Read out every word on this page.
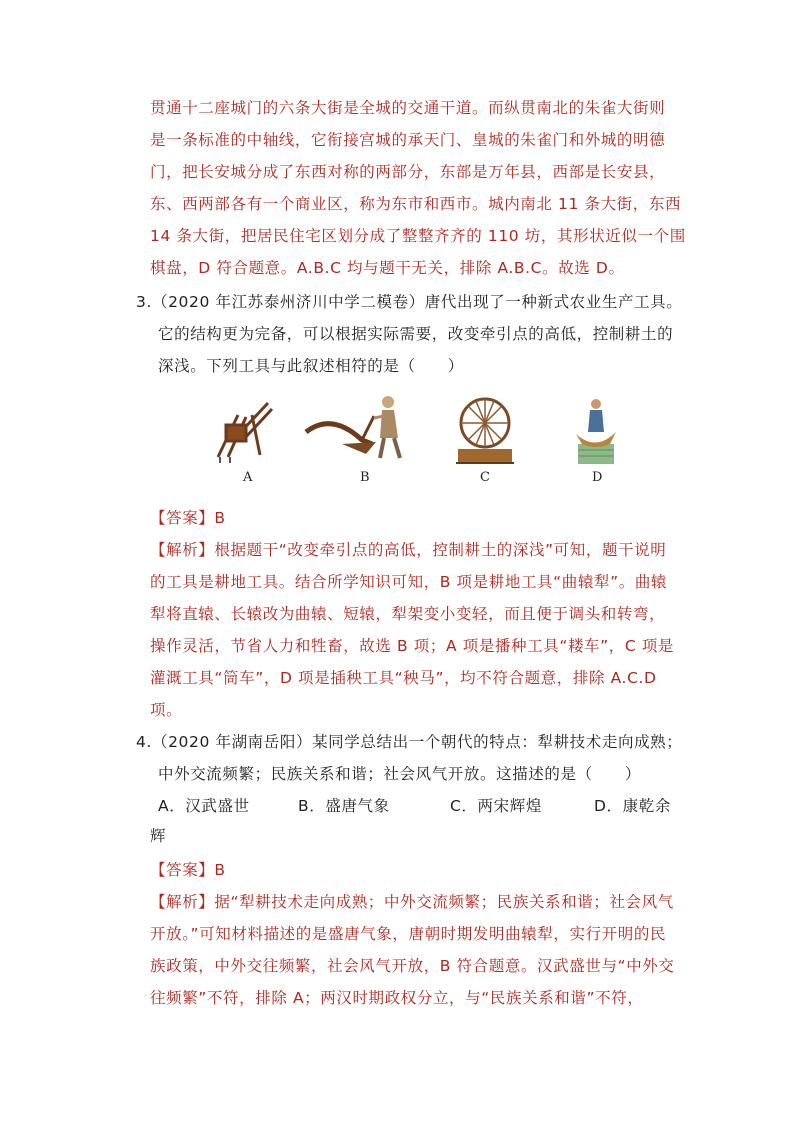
贯通十二座城门的六条大街是全城的交通干道。而纵贯南北的朱雀大街则
是一条标准的中轴线，它衔接宫城的承天门、皇城的朱雀门和外城的明德
门，把长安城分成了东西对称的两部分，东部是万年县，西部是长安县，
东、西两部各有一个商业区，称为东市和西市。城内南北 11 条大街，东西
14 条大街，把居民住宅区划分成了整整齐齐的 110 坊，其形状近似一个围
棋盘，D 符合题意。A.B.C 均与题干无关，排除 A.B.C。故选 D。
3.（2020 年江苏泰州济川中学二模卷）唐代出现了一种新式农业生产工具。
它的结构更为完备，可以根据实际需要，改变牵引点的高低，控制耕土的
深浅。下列工具与此叙述相符的是（　　）
A	B	C	D
【答案】B
【解析】根据题干“改变牵引点的高低，控制耕土的深浅”可知，题干说明
的工具是耕地工具。结合所学知识可知，B 项是耕地工具“曲辕犁”。曲辕
犁将直辕、长辕改为曲辕、短辕，犁架变小变轻，而且便于调头和转弯，
操作灵活，节省人力和牲畜，故选 B 项；A 项是播种工具“耧车”，C 项是
灌溉工具“筒车”，D 项是插秧工具“秧马”，均不符合题意，排除 A.C.D
项。
4.（2020 年湖南岳阳）某同学总结出一个朝代的特点：犁耕技术走向成熟；
中外交流频繁；民族关系和谐；社会风气开放。这描述的是（　　）
A．汉武盛世	B．盛唐气象	C．两宋辉煌	D．康乾余
辉
【答案】B
【解析】据“犁耕技术走向成熟；中外交流频繁；民族关系和谐；社会风气
开放。”可知材料描述的是盛唐气象，唐朝时期发明曲辕犁，实行开明的民
族政策，中外交往频繁，社会风气开放，B 符合题意。汉武盛世与“中外交
往频繁”不符，排除 A；两汉时期政权分立，与“民族关系和谐”不符，
